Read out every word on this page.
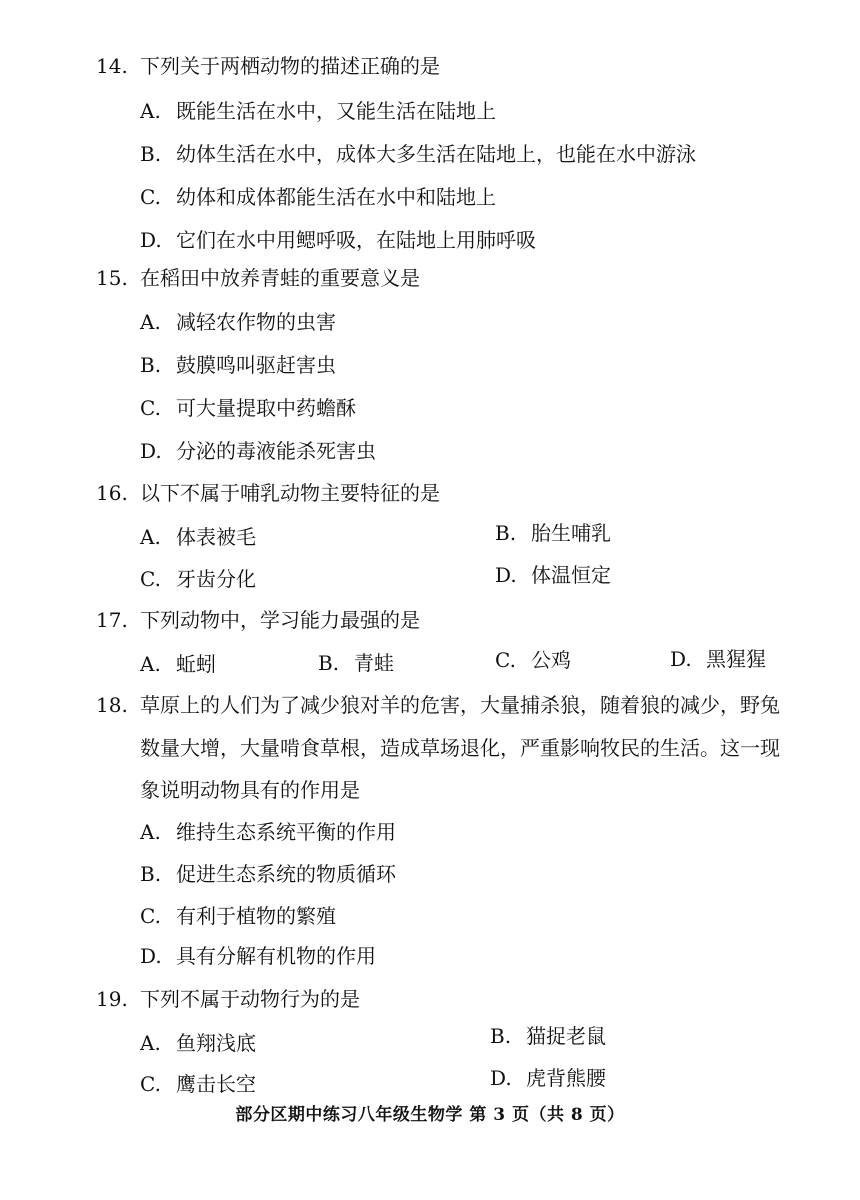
14. 下列关于两栖动物的描述正确的是
A. 既能生活在水中，又能生活在陆地上
B. 幼体生活在水中，成体大多生活在陆地上，也能在水中游泳
C. 幼体和成体都能生活在水中和陆地上
D. 它们在水中用鳃呼吸，在陆地上用肺呼吸
15. 在稻田中放养青蛙的重要意义是
A. 减轻农作物的虫害
B. 鼓膜鸣叫驱赶害虫
C. 可大量提取中药蟾酥
D. 分泌的毒液能杀死害虫
16. 以下不属于哺乳动物主要特征的是
A. 体表被毛	B. 胎生哺乳
C. 牙齿分化	D. 体温恒定
17. 下列动物中，学习能力最强的是
A. 蚯蚓	B. 青蛙	C. 公鸡	D. 黑猩猩
18. 草原上的人们为了减少狼对羊的危害，大量捕杀狼，随着狼的减少，野兔
数量大增，大量啃食草根，造成草场退化，严重影响牧民的生活。这一现
象说明动物具有的作用是
A. 维持生态系统平衡的作用
B. 促进生态系统的物质循环
C. 有利于植物的繁殖
D. 具有分解有机物的作用
19. 下列不属于动物行为的是
A. 鱼翔浅底	B. 猫捉老鼠
C. 鹰击长空	D. 虎背熊腰
部分区期中练习八年级生物学 第 3 页（共 8 页）
